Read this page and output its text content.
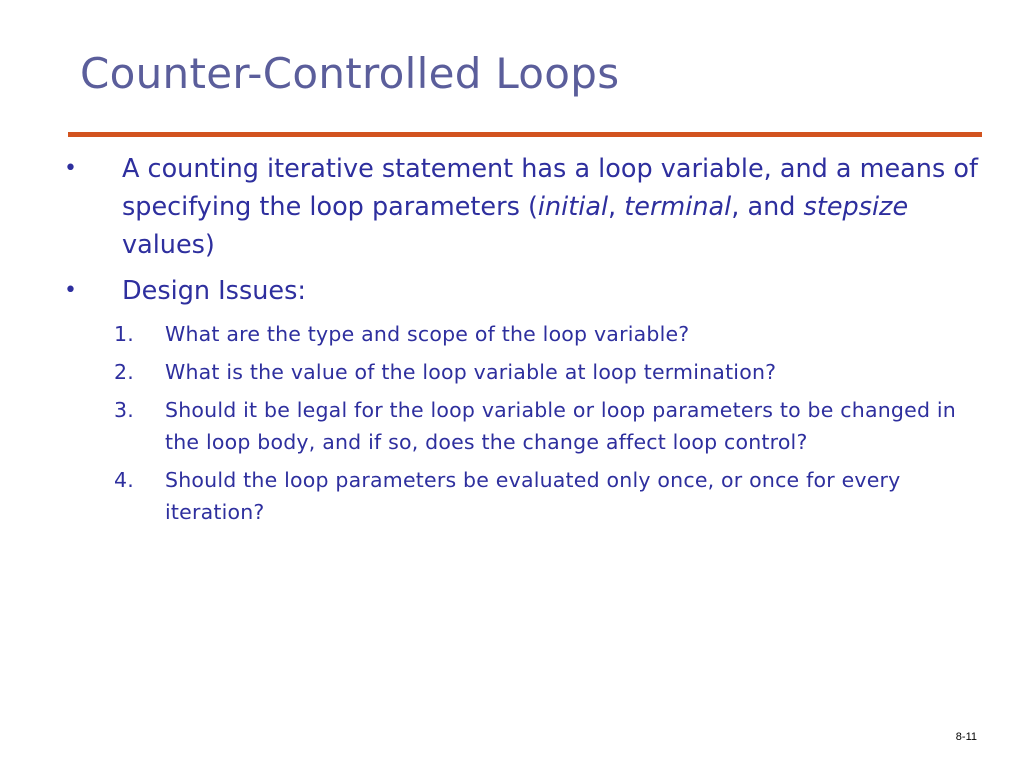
Counter-Controlled Loops
• A counting iterative statement has a loop variable, and a means of specifying the loop parameters (initial, terminal, and stepsize values)
• Design Issues:
1.	What are the type and scope of the loop variable?
2.	What is the value of the loop variable at loop termination?
3.	Should it be legal for the loop variable or loop parameters to be changed in the loop body, and if so, does the change affect loop control?
4.	Should the loop parameters be evaluated only once, or once for every iteration?
8-11
